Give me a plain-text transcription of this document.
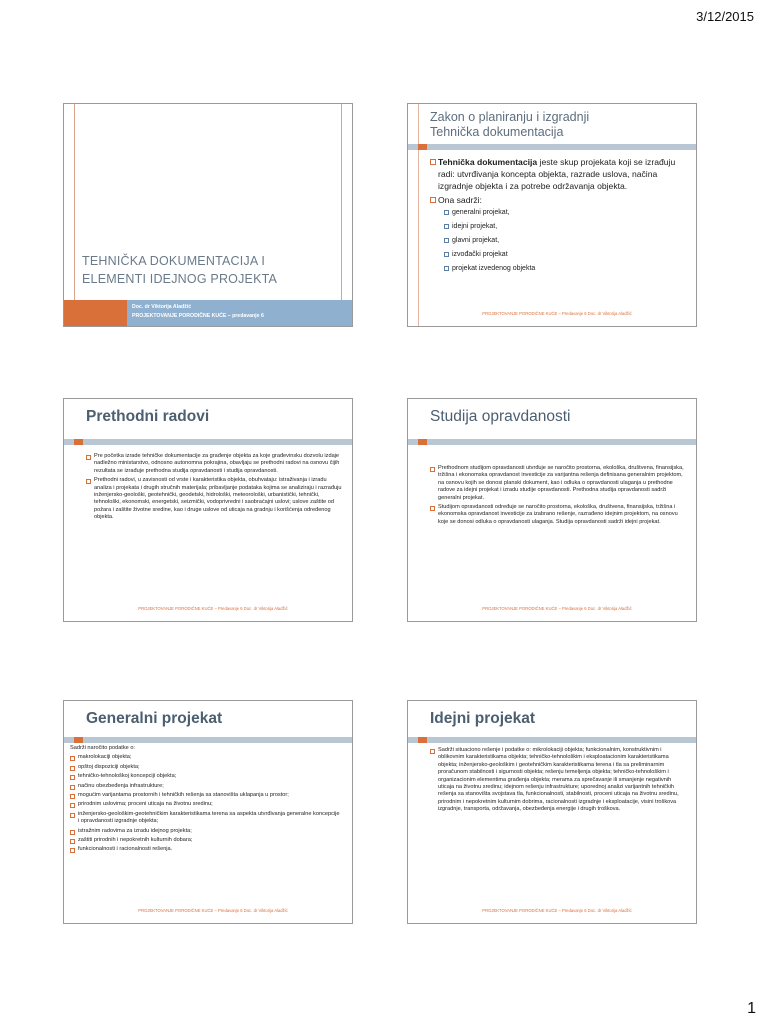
3/12/2015
TEHNIČKA DOKUMENTACIJA I
ELEMENTI IDEJNOG PROJEKTA
Doc. dr Viktorija Aladžić
PROJEKTOVANJE PORODIČNE KUĆE – predavanje 6
Zakon o planiranju i izgradnji
Tehnička dokumentacija
Tehnička dokumentacija jeste skup projekata koji se izrađuju radi: utvrđivanja koncepta objekta, razrade uslova, načina izgradnje objekta i za potrebe održavanja objekta.
Ona sadrži:
generalni projekat,
idejni projekat,
glavni projekat,
izvođački projekat
projekat izvedenog objekta
PROJEKTOVANJE PORODIČNE KUĆE – Predavanje 6 Doc. dr Viktorija Aladžić
Prethodni radovi
Pre početka izrade tehničke dokumentacije za građenje objekta za koje građevinsku dozvolu izdaje nadležno ministarstvo, odnosno autonomna pokrajina, obavljaju se prethodni radovi na osnovu čijih rezultata se izrađuje prethodna studija opravdanosti i studija opravdanosti.
Prethodni radovi, u zavisnosti od vrste i karakteristika objekta, obuhvataju: istraživanja i izradu analiza i projekata i drugih stručnih materijala; pribavljanje podataka kojima se analiziraju i razrađuju inženjersko-geološki, geotehnički, geodetski, hidrološki, meteorološki, urbanistički, tehnički, tehnološki, ekonomski, energetski, seizmički, vodoprivredni i saobraćajni uslovi; uslove zaštite od požara i zaštite životne sredine, kao i druge uslove od uticaja na gradnju i korišćenja određenog objekta.
PROJEKTOVANJE PORODIČNE KUĆE – Predavanje 6 Doc. dr Viktorija Aladžić
Studija opravdanosti
Prethodnom studijom opravdanosti utvrđuje se naročito prostorna, ekološka, društvena, finansijska, tržišna i ekonomska opravdanost investicije za varijantna rešenja definisana generalnim projektom, na osnovu kojih se donosi planski dokument, kao i odluka o opravdanosti ulaganja u prethodne radove za idejni projekat i izradu studije opravdanosti. Prethodna studija opravdanosti sadrži generalni projekat.
Studijom opravdanosti određuje se naročito prostorna, ekološka, društvena, finansijska, tržišna i ekonomska opravdanost investicije za izabrano rešenje, razrađeno idejnim projektom, na osnovu koje se donosi odluka o opravdanosti ulaganja. Studija opravdanosti sadrži idejni projekat.
PROJEKTOVANJE PORODIČNE KUĆE – Predavanje 6 Doc. dr Viktorija Aladžić
Generalni projekat
Sadrži naročito podatke o:
makrolokaciji objekta;
opštoj dispoziciji objekta;
tehničko-tehnološkoj koncepciji objekta;
načinu obezbeđenja infrastrukture;
mogućim varijantama prostornih i tehničkih rešenja sa stanovišta uklapanja u prostor;
prirodnim uslovima; procenі uticaja na životnu sredinu;
inženjersko-geološkim-geotehničkim karakteristikama terena sa aspekta utvrđivanja generalne koncepcije i opravdanosti izgradnje objekta;
istražnim radovima za izradu idejnog projekta;
zaštiti prirodnih i nepokretnih kulturnih dobara;
funkcionalnosti i racionalnosti rešenja.
PROJEKTOVANJE PORODIČNE KUĆE – Predavanje 6 Doc. dr Viktorija Aladžić
Idejni projekat
Sadrži situaciono rešenje i podatke o: mikrolokaciji objekta; funkcionalnim, konstruktivnim i oblikovnim karakteristikama objekta; tehničko-tehnološkim i eksploatacionim karakteristikama objekta; inženjersko-geološkim i geotehničkim karakteristikama terena i tla sa preliminarnim proračunom stabilnosti i sigurnosti objekta; rešenju temeljenja objekta; tehničko-tehnološkim i organizacionim elementima građenja objekta; merama za sprečavanje ili smanjenje negativnih uticaja na životnu sredinu; idejnom rešenju infrastrukture; uporednoj analizi varijantnih tehničkih rešenja sa stanovišta svojstava tla, funkcionalnosti, stabilnosti, proceni uticaja na životnu sredinu, prirodnim i nepokretnim kulturnim dobrima, racionalnosti izgradnje i eksploatacije, visini troškova izgradnje, transporta, održavanja, obezbeđenja energije i drugih troškova.
PROJEKTOVANJE PORODIČNE KUĆE – Predavanje 6 Doc. dr Viktorija Aladžić
1
